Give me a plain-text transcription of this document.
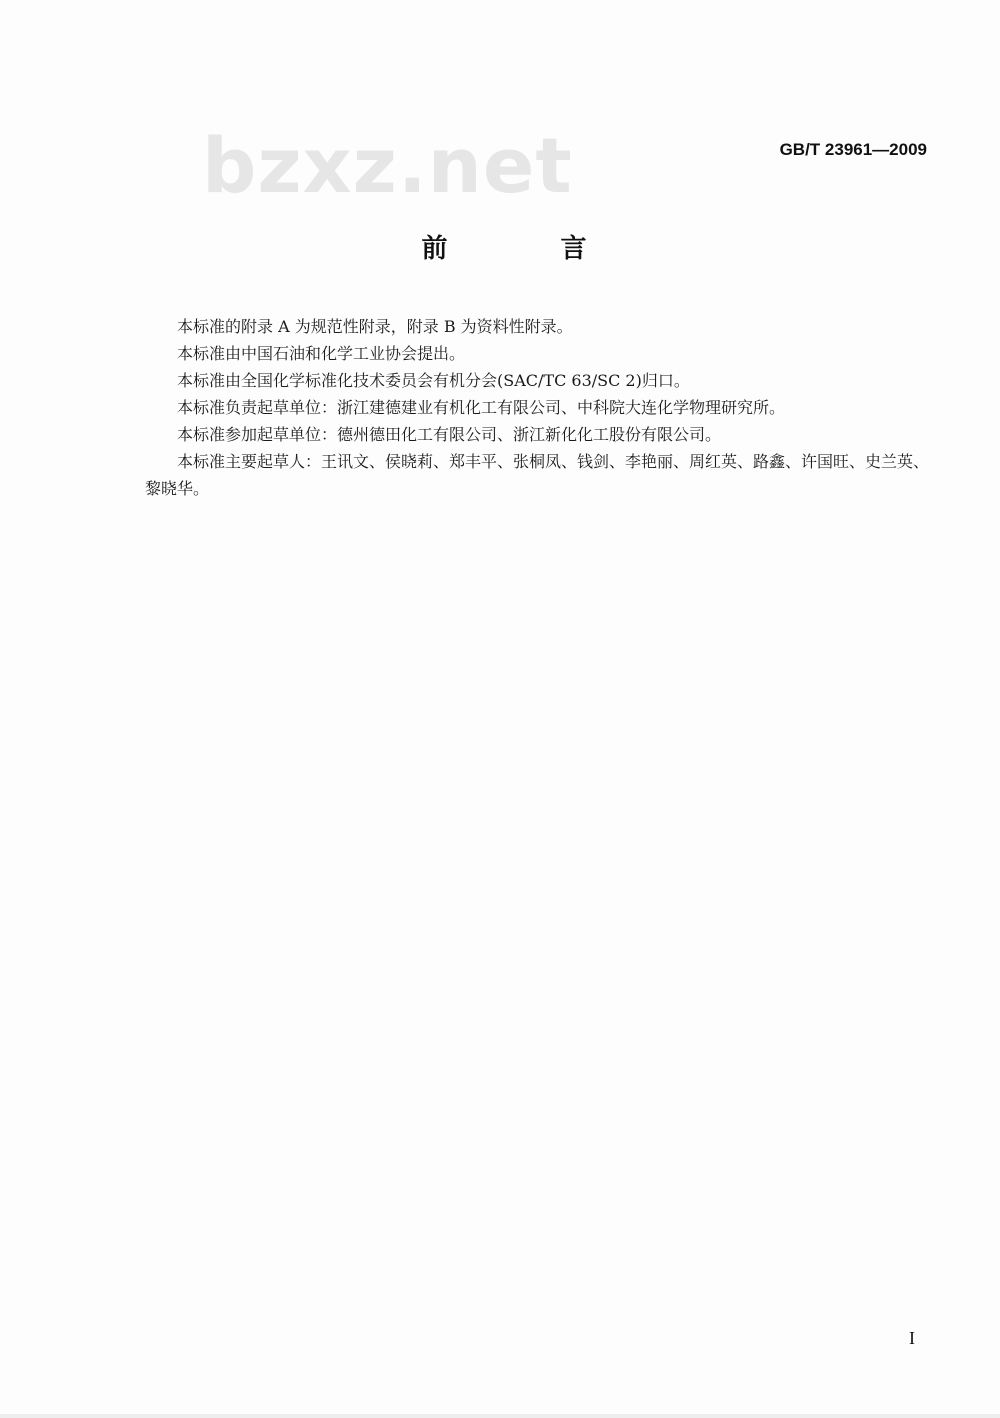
bzxz.net	GB/T 23961—2009
前 言

本标准的附录 A 为规范性附录，附录 B 为资料性附录。

本标准由中国石油和化学工业协会提出。

本标准由全国化学标准化技术委员会有机分会(SAC/TC 63/SC 2)归口。

本标准负责起草单位：浙江建德建业有机化工有限公司、中科院大连化学物理研究所。

本标准参加起草单位：德州德田化工有限公司、浙江新化化工股份有限公司。

本标准主要起草人：王讯文、侯晓莉、郑丰平、张桐凤、钱剑、李艳丽、周红英、路鑫、许国旺、史兰英、黎晓华。

I
